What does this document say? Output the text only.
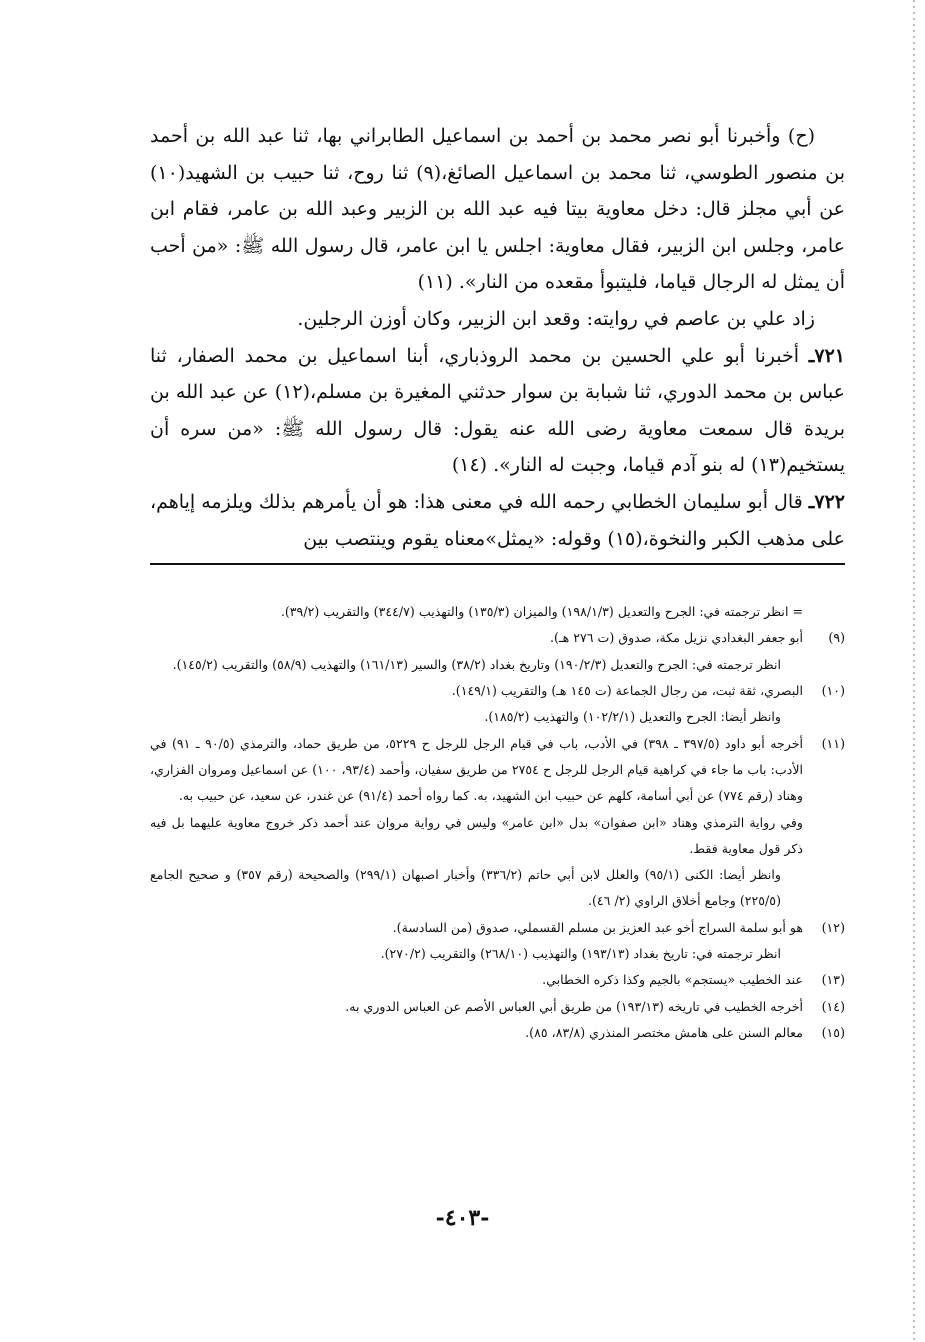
(ح) وأخبرنا أبو نصر محمد بن أحمد بن اسماعيل الطابراني بها، ثنا عبد الله بن أحمد بن منصور الطوسي، ثنا محمد بن اسماعيل الصائغ،(٩) ثنا روح، ثنا حبيب بن الشهيد(١٠) عن أبي مجلز قال: دخل معاوية بيتا فيه عبد الله بن الزبير وعبد الله بن عامر، فقام ابن عامر، وجلس ابن الزبير، فقال معاوية: اجلس يا ابن عامر، قال رسول الله ﷺ: «من أحب أن يمثل له الرجال قياما، فليتبوأ مقعده من النار». (١١)

زاد علي بن عاصم في روايته: وقعد ابن الزبير، وكان أوزن الرجلين.

٧٢١ـ أخبرنا أبو علي الحسين بن محمد الروذباري، أبنا اسماعيل بن محمد الصفار، ثنا عباس بن محمد الدوري، ثنا شبابة بن سوار حدثني المغيرة بن مسلم،(١٢) عن عبد الله بن بريدة قال سمعت معاوية رضى الله عنه يقول: قال رسول الله ﷺ: «من سره أن يستخيم(١٣) له بنو آدم قياما، وجبت له النار». (١٤)

٧٢٢ـ قال أبو سليمان الخطابي رحمه الله في معنى هذا: هو أن يأمرهم بذلك ويلزمه إياهم، على مذهب الكبر والنخوة،(١٥) وقوله: «يمثل»معناه يقوم وينتصب بين

= انظر ترجمته في: الجرح والتعديل (١٩٨/١/٣) والميزان (١٣٥/٣) والتهذيب (٣٤٤/٧) والتقريب (٣٩/٢).
(٩)
أبو جعفر البغدادي نزيل مكة، صدوق (ت ٢٧٦ هـ).
انظر ترجمته في: الجرح والتعديل (١٩٠/٢/٣) وتاريخ بغداد (٣٨/٢) والسير (١٦١/١٣) والتهذيب (٥٨/٩) والتقريب (١٤٥/٢).
(١٠)
البصري، ثقة ثبت، من رجال الجماعة (ت ١٤٥ هـ) والتقريب (١٤٩/١).
وانظر أيضا: الجرح والتعديل (١٠٢/٢/١) والتهذيب (١٨٥/٢).
(١١)
أخرجه أبو داود (٣٩٧/٥ ـ ٣٩٨) في الأدب، باب في قيام الرجل للرجل ح ٥٢٢٩، من طريق حماد، والترمذي (٩٠/٥ ـ ٩١) في الأدب: باب ما جاء في كراهية قيام الرجل للرجل ح ٢٧٥٤ من طريق سفيان، وأحمد (٩٣/٤، ١٠٠) عن اسماعيل ومروان الفزاري، وهناد (رقم ٧٧٤) عن أبي أسامة، كلهم عن حبيب ابن الشهيد، به. كما رواه أحمد (٩١/٤) عن غندر، عن سعيد، عن حبيب به.
وفي رواية الترمذي وهناد «ابن صفوان» بدل «ابن عامر» وليس في رواية مروان عند أحمد ذكر خروج معاوية عليهما بل فيه ذكر قول معاوية فقط.
وانظر أيضا: الكنى (٩٥/١) والعلل لابن أبي حاتم (٣٣٦/٢) وأخبار اصبهان (٢٩٩/١) والصحيحة (رقم ٣٥٧) و صحيح الجامع (٢٢٥/٥) وجامع أخلاق الراوي (٢/ ٤٦).
(١٢)
هو أبو سلمة السراج أخو عبد العزيز بن مسلم القسملي، صدوق (من السادسة).
انظر ترجمته في: تاريخ بغداد (١٩٣/١٣) والتهذيب (٢٦٨/١٠) والتقريب (٢٧٠/٢).
(١٣)
عند الخطيب «يستجم» بالجيم وكذا ذكره الخطابي.
(١٤)
أخرجه الخطيب في تاريخه (١٩٣/١٣) من طريق أبي العباس الأصم عن العباس الدوري به.
(١٥)
معالم السنن على هامش مختصر المنذري (٨٣/٨، ٨٥).
-٤٠٣-
